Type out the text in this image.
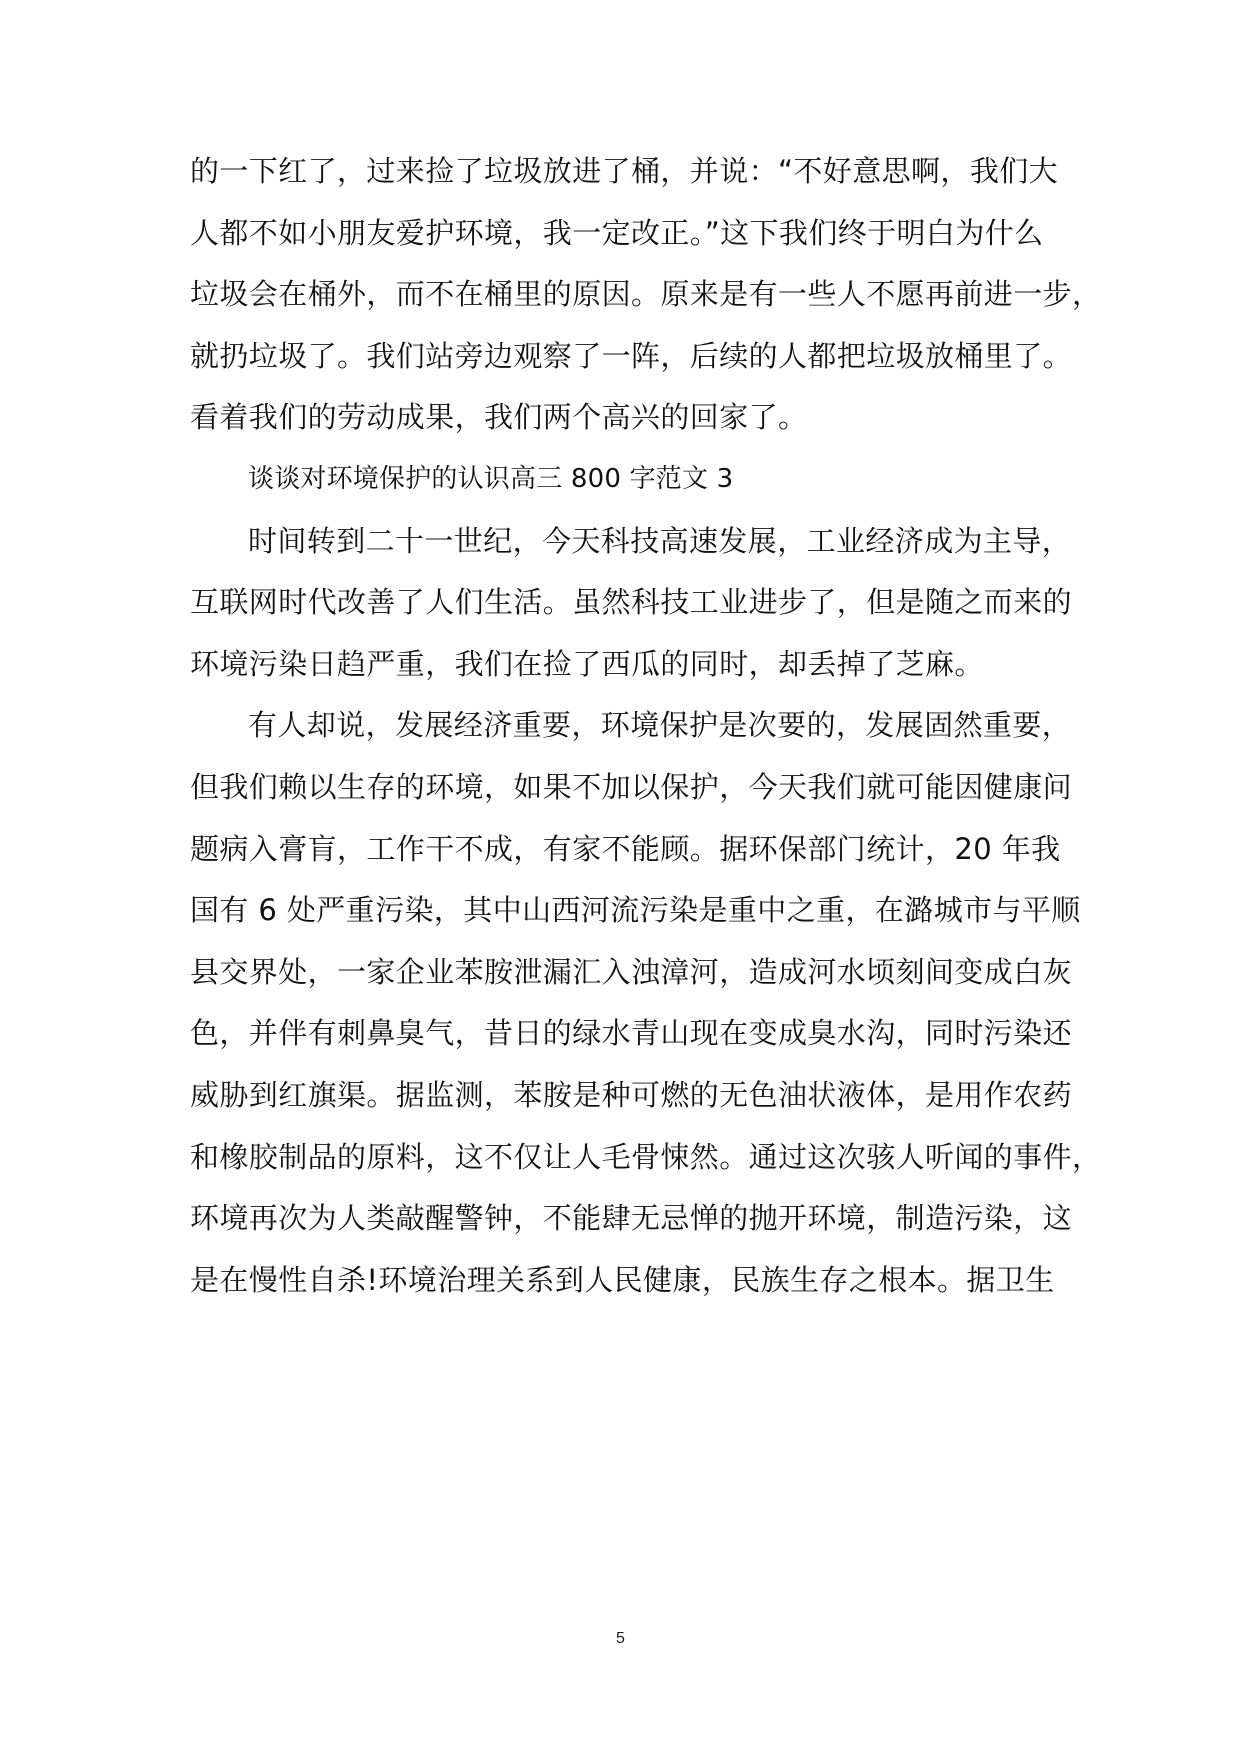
的一下红了，过来捡了垃圾放进了桶，并说：“不好意思啊，我们大
人都不如小朋友爱护环境，我一定改正。”这下我们终于明白为什么
垃圾会在桶外，而不在桶里的原因。原来是有一些人不愿再前进一步，
就扔垃圾了。我们站旁边观察了一阵，后续的人都把垃圾放桶里了。
看着我们的劳动成果，我们两个高兴的回家了。
谈谈对环境保护的认识高三 800 字范文 3
时间转到二十一世纪，今天科技高速发展，工业经济成为主导，
互联网时代改善了人们生活。虽然科技工业进步了，但是随之而来的
环境污染日趋严重，我们在捡了西瓜的同时，却丢掉了芝麻。
有人却说，发展经济重要，环境保护是次要的，发展固然重要，
但我们赖以生存的环境，如果不加以保护，今天我们就可能因健康问
题病入膏肓，工作干不成，有家不能顾。据环保部门统计，20 年我
国有 6 处严重污染，其中山西河流污染是重中之重，在潞城市与平顺
县交界处，一家企业苯胺泄漏汇入浊漳河，造成河水顷刻间变成白灰
色，并伴有刺鼻臭气，昔日的绿水青山现在变成臭水沟，同时污染还
威胁到红旗渠。据监测，苯胺是种可燃的无色油状液体，是用作农药
和橡胶制品的原料，这不仅让人毛骨悚然。通过这次骇人听闻的事件，
环境再次为人类敲醒警钟，不能肆无忌惮的抛开环境，制造污染，这
是在慢性自杀!环境治理关系到人民健康，民族生存之根本。据卫生
5
